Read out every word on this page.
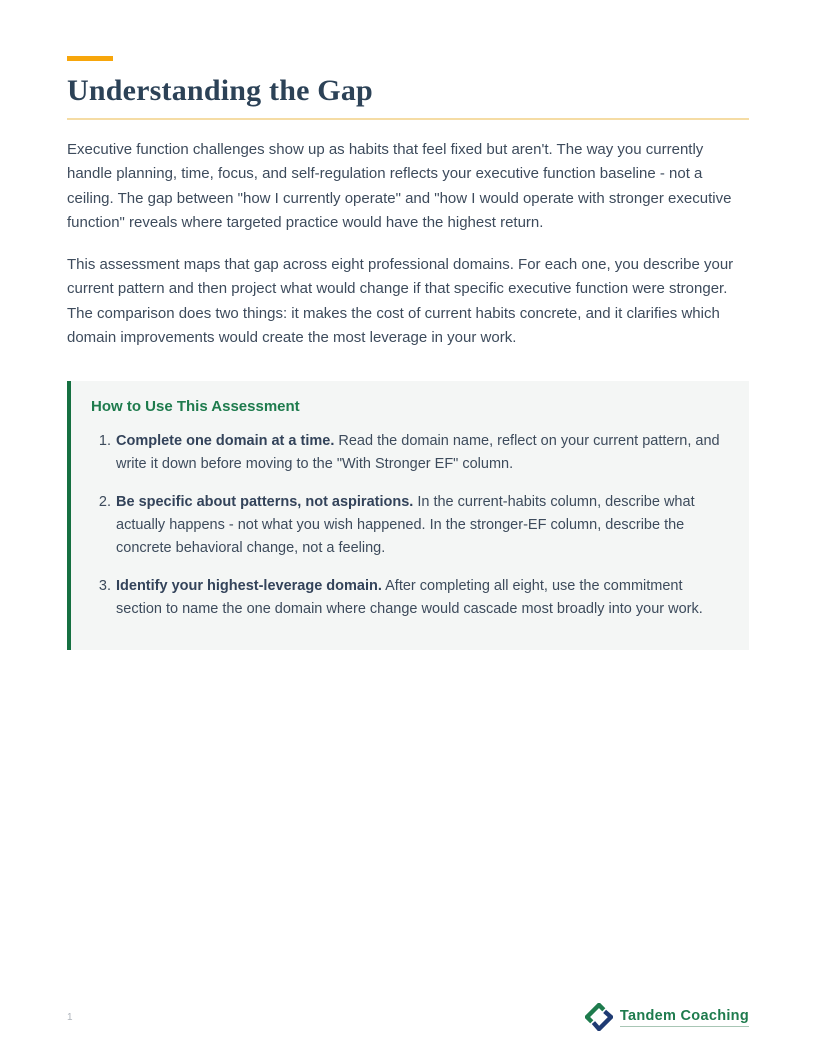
Understanding the Gap

Executive function challenges show up as habits that feel fixed but aren't. The way you currently handle planning, time, focus, and self-regulation reflects your executive function baseline - not a ceiling. The gap between "how I currently operate" and "how I would operate with stronger executive function" reveals where targeted practice would have the highest return.

This assessment maps that gap across eight professional domains. For each one, you describe your current pattern and then project what would change if that specific executive function were stronger. The comparison does two things: it makes the cost of current habits concrete, and it clarifies which domain improvements would create the most leverage in your work.

How to Use This Assessment
1. Complete one domain at a time. Read the domain name, reflect on your current pattern, and write it down before moving to the "With Stronger EF" column.
2. Be specific about patterns, not aspirations. In the current-habits column, describe what actually happens - not what you wish happened. In the stronger-EF column, describe the concrete behavioral change, not a feeling.
3. Identify your highest-leverage domain. After completing all eight, use the commitment section to name the one domain where change would cascade most broadly into your work.
1	Tandem Coaching
